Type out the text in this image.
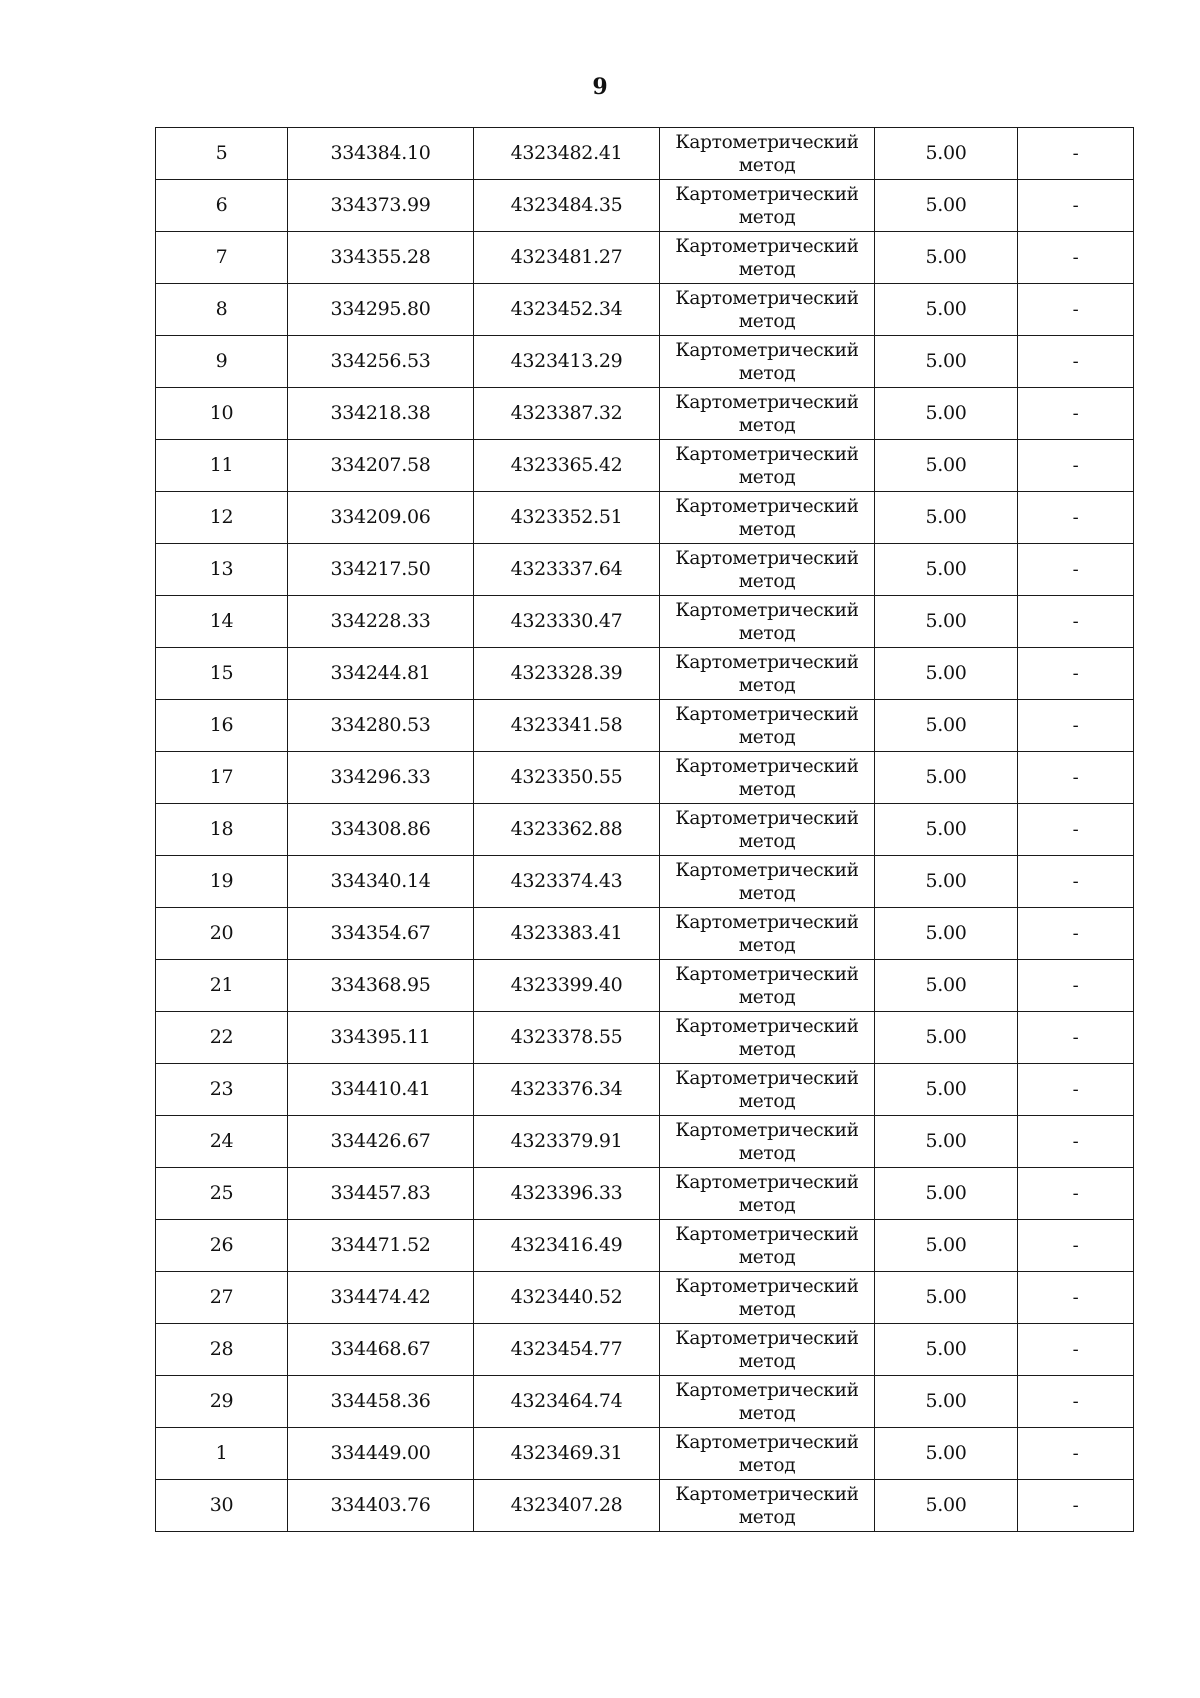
9
5	334384.10	4323482.41	Картометрический метод	5.00	-
6	334373.99	4323484.35	Картометрический метод	5.00	-
7	334355.28	4323481.27	Картометрический метод	5.00	-
8	334295.80	4323452.34	Картометрический метод	5.00	-
9	334256.53	4323413.29	Картометрический метод	5.00	-
10	334218.38	4323387.32	Картометрический метод	5.00	-
11	334207.58	4323365.42	Картометрический метод	5.00	-
12	334209.06	4323352.51	Картометрический метод	5.00	-
13	334217.50	4323337.64	Картометрический метод	5.00	-
14	334228.33	4323330.47	Картометрический метод	5.00	-
15	334244.81	4323328.39	Картометрический метод	5.00	-
16	334280.53	4323341.58	Картометрический метод	5.00	-
17	334296.33	4323350.55	Картометрический метод	5.00	-
18	334308.86	4323362.88	Картометрический метод	5.00	-
19	334340.14	4323374.43	Картометрический метод	5.00	-
20	334354.67	4323383.41	Картометрический метод	5.00	-
21	334368.95	4323399.40	Картометрический метод	5.00	-
22	334395.11	4323378.55	Картометрический метод	5.00	-
23	334410.41	4323376.34	Картометрический метод	5.00	-
24	334426.67	4323379.91	Картометрический метод	5.00	-
25	334457.83	4323396.33	Картометрический метод	5.00	-
26	334471.52	4323416.49	Картометрический метод	5.00	-
27	334474.42	4323440.52	Картометрический метод	5.00	-
28	334468.67	4323454.77	Картометрический метод	5.00	-
29	334458.36	4323464.74	Картометрический метод	5.00	-
1	334449.00	4323469.31	Картометрический метод	5.00	-
30	334403.76	4323407.28	Картометрический метод	5.00	-
